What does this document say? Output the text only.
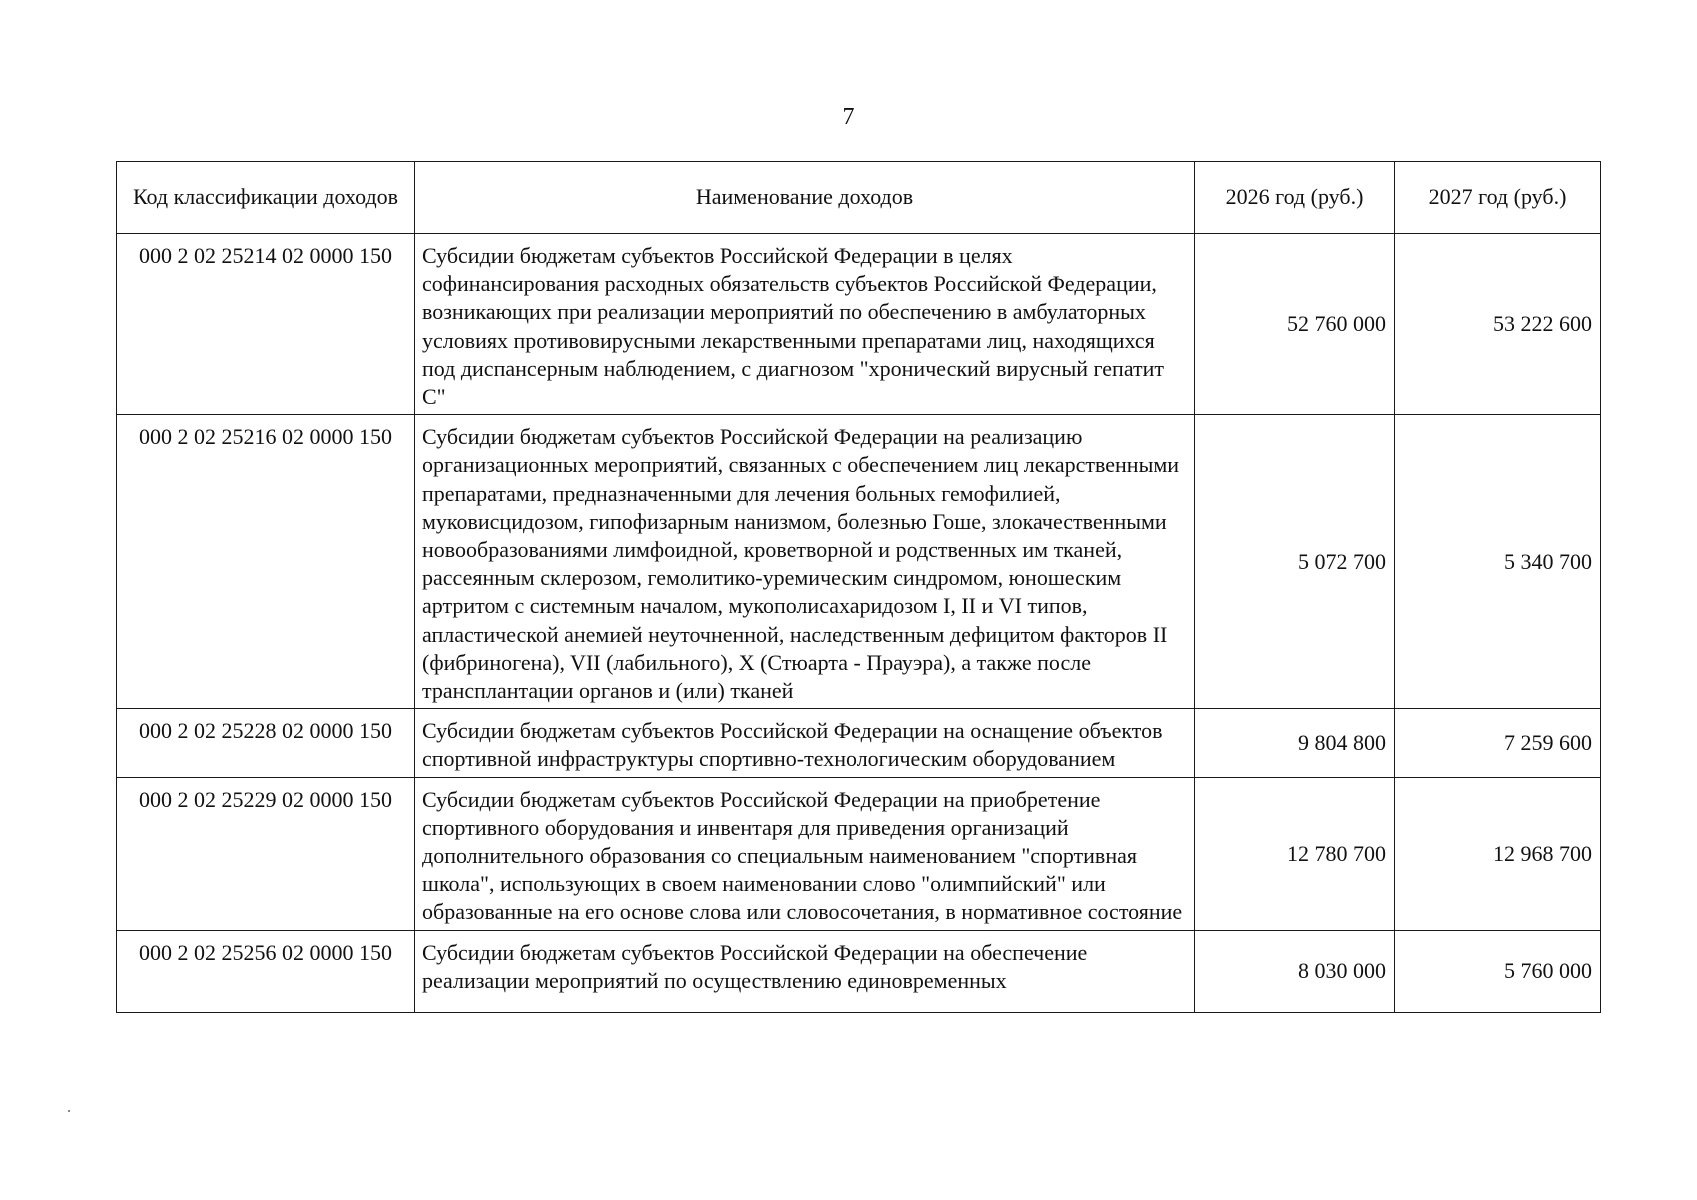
7
Код классификации доходов	Наименование доходов	2026 год (руб.)	2027 год (руб.)
000 2 02 25214 02 0000 150	Субсидии бюджетам субъектов Российской Федерации в целях софинансирования расходных обязательств субъектов Российской Федерации, возникающих при реализации мероприятий по обеспечению в амбулаторных условиях противовирусными лекарственными препаратами лиц, находящихся под диспансерным наблюдением, с диагнозом "хронический вирусный гепатит С"	52 760 000	53 222 600
000 2 02 25216 02 0000 150	Субсидии бюджетам субъектов Российской Федерации на реализацию организационных мероприятий, связанных с обеспечением лиц лекарственными препаратами, предназначенными для лечения больных гемофилией, муковисцидозом, гипофизарным нанизмом, болезнью Гоше, злокачественными новообразованиями лимфоидной, кроветворной и родственных им тканей, рассеянным склерозом, гемолитико-уремическим синдромом, юношеским артритом с системным началом, мукополисахаридозом I, II и VI типов, апластической анемией неуточненной, наследственным дефицитом факторов II (фибриногена), VII (лабильного), X (Стюарта - Прауэра), а также после трансплантации органов и (или) тканей	5 072 700	5 340 700
000 2 02 25228 02 0000 150	Субсидии бюджетам субъектов Российской Федерации на оснащение объектов спортивной инфраструктуры спортивно-технологическим оборудованием	9 804 800	7 259 600
000 2 02 25229 02 0000 150	Субсидии бюджетам субъектов Российской Федерации на приобретение спортивного оборудования и инвентаря для приведения организаций дополнительного образования со специальным наименованием "спортивная школа", использующих в своем наименовании слово "олимпийский" или образованные на его основе слова или словосочетания, в нормативное состояние	12 780 700	12 968 700
000 2 02 25256 02 0000 150	Субсидии бюджетам субъектов Российской Федерации на обеспечение реализации мероприятий по осуществлению единовременных	8 030 000	5 760 000
